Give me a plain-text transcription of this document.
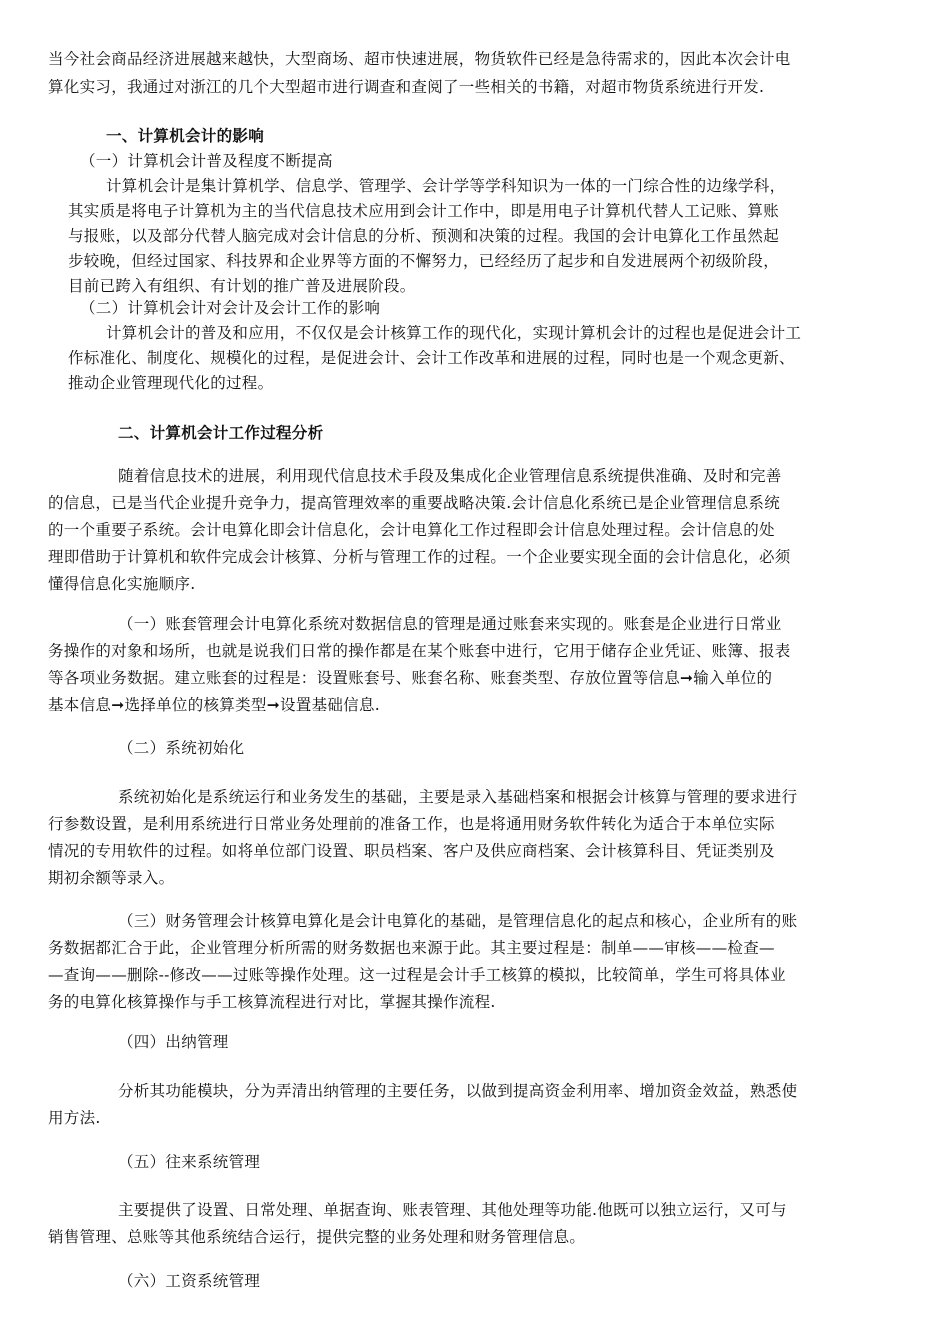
当今社会商品经济进展越来越快，大型商场、超市快速进展，物货软件已经是急待需求的，因此本次会计电
算化实习，我通过对浙江的几个大型超市进行调查和查阅了一些相关的书籍，对超市物货系统进行开发.
一、计算机会计的影响
（一）计算机会计普及程度不断提高
计算机会计是集计算机学、信息学、管理学、会计学等学科知识为一体的一门综合性的边缘学科，
其实质是将电子计算机为主的当代信息技术应用到会计工作中，即是用电子计算机代替人工记账、算账
与报账，以及部分代替人脑完成对会计信息的分析、预测和决策的过程。我国的会计电算化工作虽然起
步较晚，但经过国家、科技界和企业界等方面的不懈努力，已经经历了起步和自发进展两个初级阶段，
目前已跨入有组织、有计划的推广普及进展阶段。
（二）计算机会计对会计及会计工作的影响
计算机会计的普及和应用，不仅仅是会计核算工作的现代化，实现计算机会计的过程也是促进会计工
作标准化、制度化、规模化的过程，是促进会计、会计工作改革和进展的过程，同时也是一个观念更新、
推动企业管理现代化的过程。
二、计算机会计工作过程分析
随着信息技术的进展，利用现代信息技术手段及集成化企业管理信息系统提供准确、及时和完善
的信息，已是当代企业提升竞争力，提高管理效率的重要战略决策.会计信息化系统已是企业管理信息系统
的一个重要子系统。会计电算化即会计信息化，会计电算化工作过程即会计信息处理过程。会计信息的处
理即借助于计算机和软件完成会计核算、分析与管理工作的过程。一个企业要实现全面的会计信息化，必须
懂得信息化实施顺序.
（一）账套管理会计电算化系统对数据信息的管理是通过账套来实现的。账套是企业进行日常业
务操作的对象和场所，也就是说我们日常的操作都是在某个账套中进行，它用于储存企业凭证、账簿、报表
等各项业务数据。建立账套的过程是：设置账套号、账套名称、账套类型、存放位置等信息➞输入单位的
基本信息➞选择单位的核算类型➞设置基础信息.
（二）系统初始化
系统初始化是系统运行和业务发生的基础，主要是录入基础档案和根据会计核算与管理的要求进行
行参数设置，是利用系统进行日常业务处理前的准备工作，也是将通用财务软件转化为适合于本单位实际
情况的专用软件的过程。如将单位部门设置、职员档案、客户及供应商档案、会计核算科目、凭证类别及
期初余额等录入。
（三）财务管理会计核算电算化是会计电算化的基础，是管理信息化的起点和核心，企业所有的账
务数据都汇合于此，企业管理分析所需的财务数据也来源于此。其主要过程是：制单——审核——检查—
—查询——删除--修改——过账等操作处理。这一过程是会计手工核算的模拟，比较简单，学生可将具体业
务的电算化核算操作与手工核算流程进行对比，掌握其操作流程.
（四）出纳管理
分析其功能模块，分为弄清出纳管理的主要任务，以做到提高资金利用率、增加资金效益，熟悉使
用方法.
（五）往来系统管理
主要提供了设置、日常处理、单据查询、账表管理、其他处理等功能.他既可以独立运行，又可与
销售管理、总账等其他系统结合运行，提供完整的业务处理和财务管理信息。
（六）工资系统管理
